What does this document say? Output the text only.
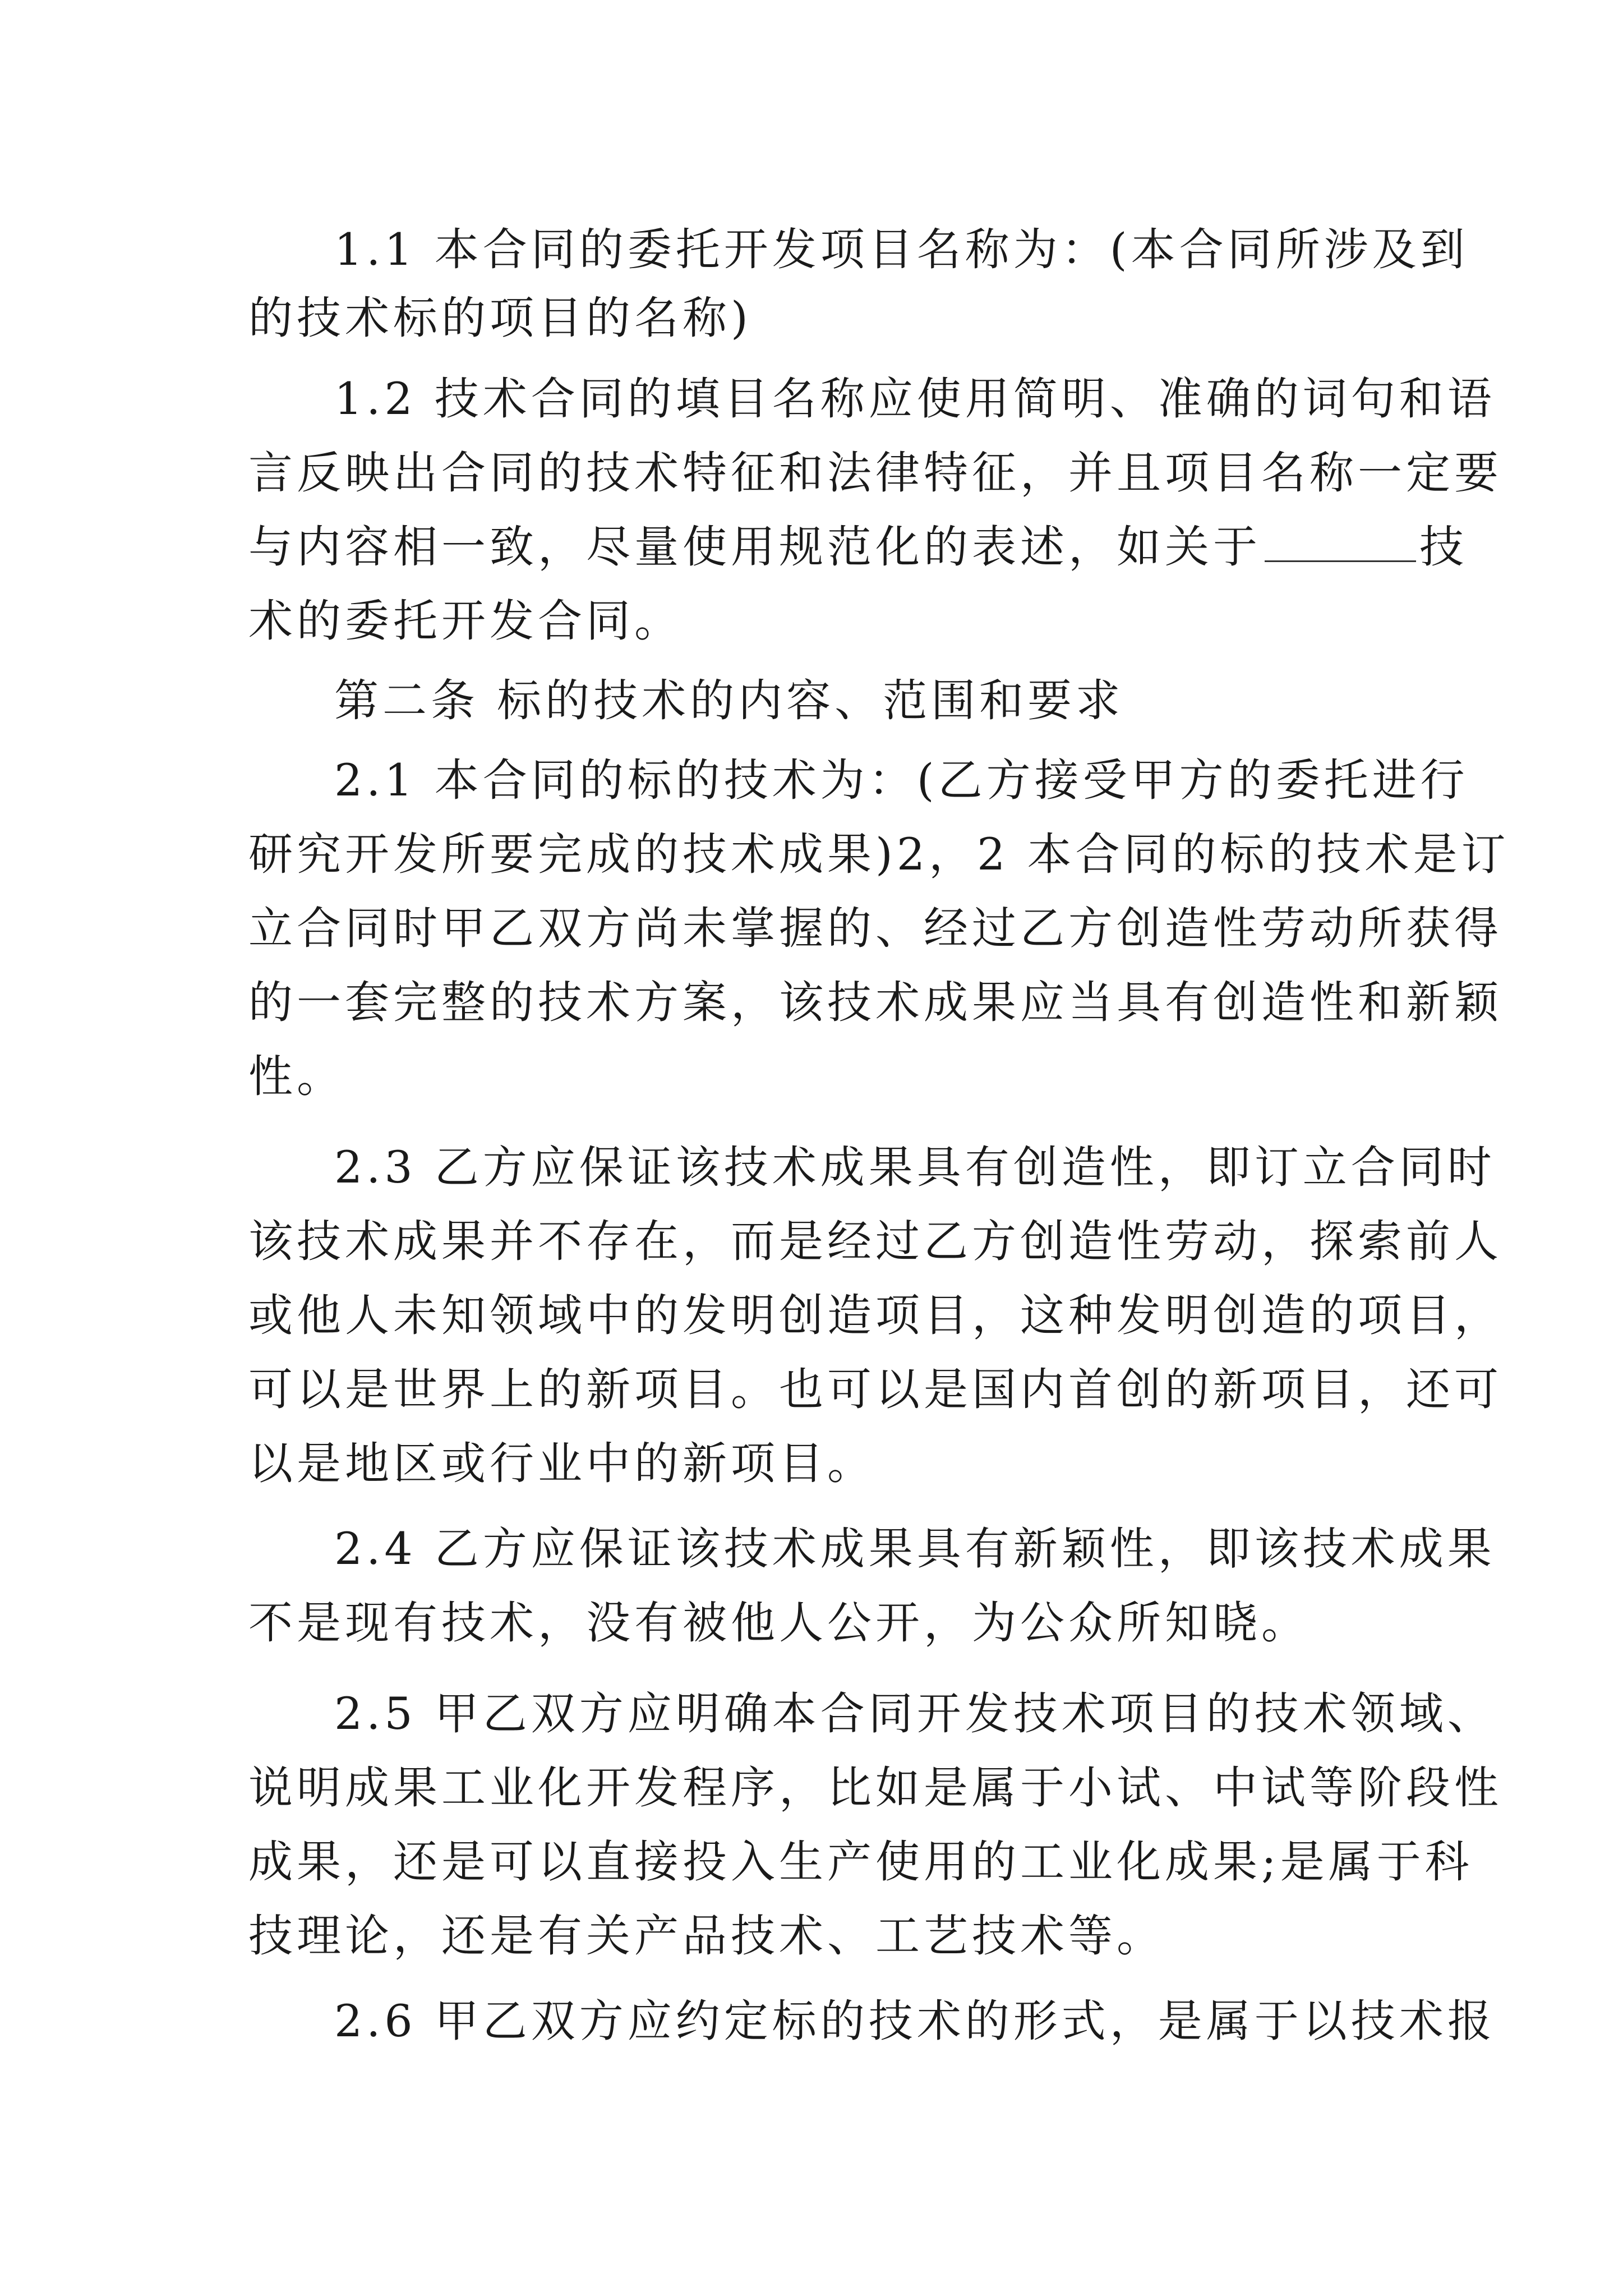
1.1 本合同的委托开发项目名称为：(本合同所涉及到
的技术标的项目的名称)
1.2 技术合同的填目名称应使用简明、准确的词句和语
言反映出合同的技术特征和法律特征，并且项目名称一定要
与内容相一致，尽量使用规范化的表述，如关于	技
术的委托开发合同。
第二条 标的技术的内容、范围和要求
2.1 本合同的标的技术为：(乙方接受甲方的委托进行
研究开发所要完成的技术成果)2，2 本合同的标的技术是订
立合同时甲乙双方尚未掌握的、经过乙方创造性劳动所获得
的一套完整的技术方案，该技术成果应当具有创造性和新颖
性。
2.3 乙方应保证该技术成果具有创造性，即订立合同时
该技术成果并不存在，而是经过乙方创造性劳动，探索前人
或他人未知领域中的发明创造项目，这种发明创造的项目，
可以是世界上的新项目。也可以是国内首创的新项目，还可
以是地区或行业中的新项目。
2.4 乙方应保证该技术成果具有新颖性，即该技术成果
不是现有技术，没有被他人公开，为公众所知晓。
2.5 甲乙双方应明确本合同开发技术项目的技术领域、
说明成果工业化开发程序，比如是属于小试、中试等阶段性
成果，还是可以直接投入生产使用的工业化成果;是属于科
技理论，还是有关产品技术、工艺技术等。
2.6 甲乙双方应约定标的技术的形式，是属于以技术报
